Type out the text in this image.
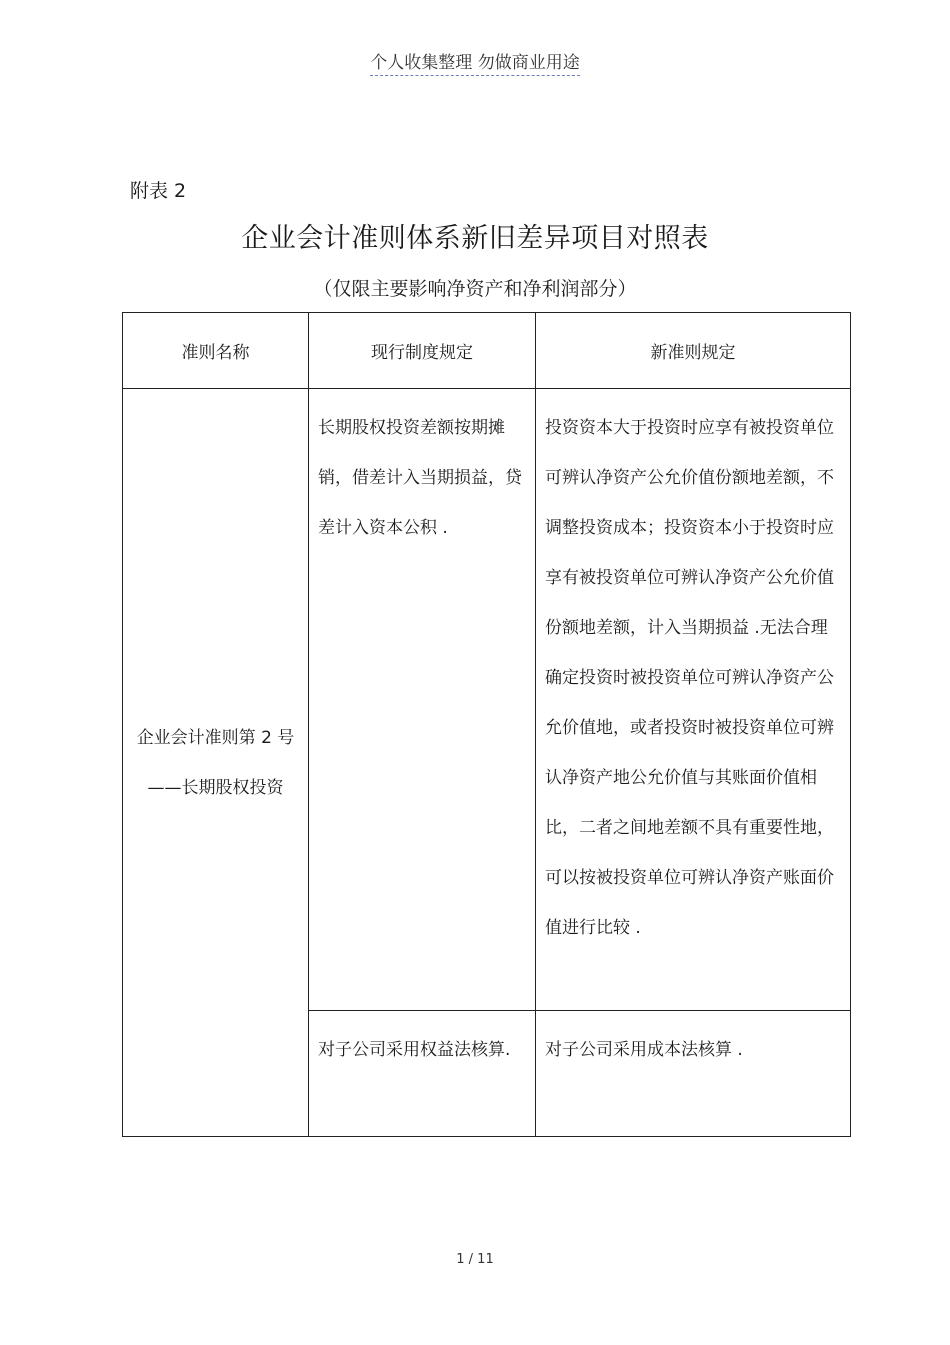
个人收集整理 勿做商业用途
附表 2
企业会计准则体系新旧差异项目对照表
（仅限主要影响净资产和净利润部分）
准则名称	现行制度规定	新准则规定

企业会计准则第 2 号
——长期股权投资	长期股权投资差额按期摊销，借差计入当期损益，贷差计入资本公积 .	投资资本大于投资时应享有被投资单位可辨认净资产公允价值份额地差额，不调整投资成本；投资资本小于投资时应享有被投资单位可辨认净资产公允价值份额地差额，计入当期损益 .无法合理确定投资时被投资单位可辨认净资产公允价值地，或者投资时被投资单位可辨认净资产地公允价值与其账面价值相比，二者之间地差额不具有重要性地，可以按被投资单位可辨认净资产账面价值进行比较 .
	对子公司采用权益法核算.	对子公司采用成本法核算 .
1 / 11
